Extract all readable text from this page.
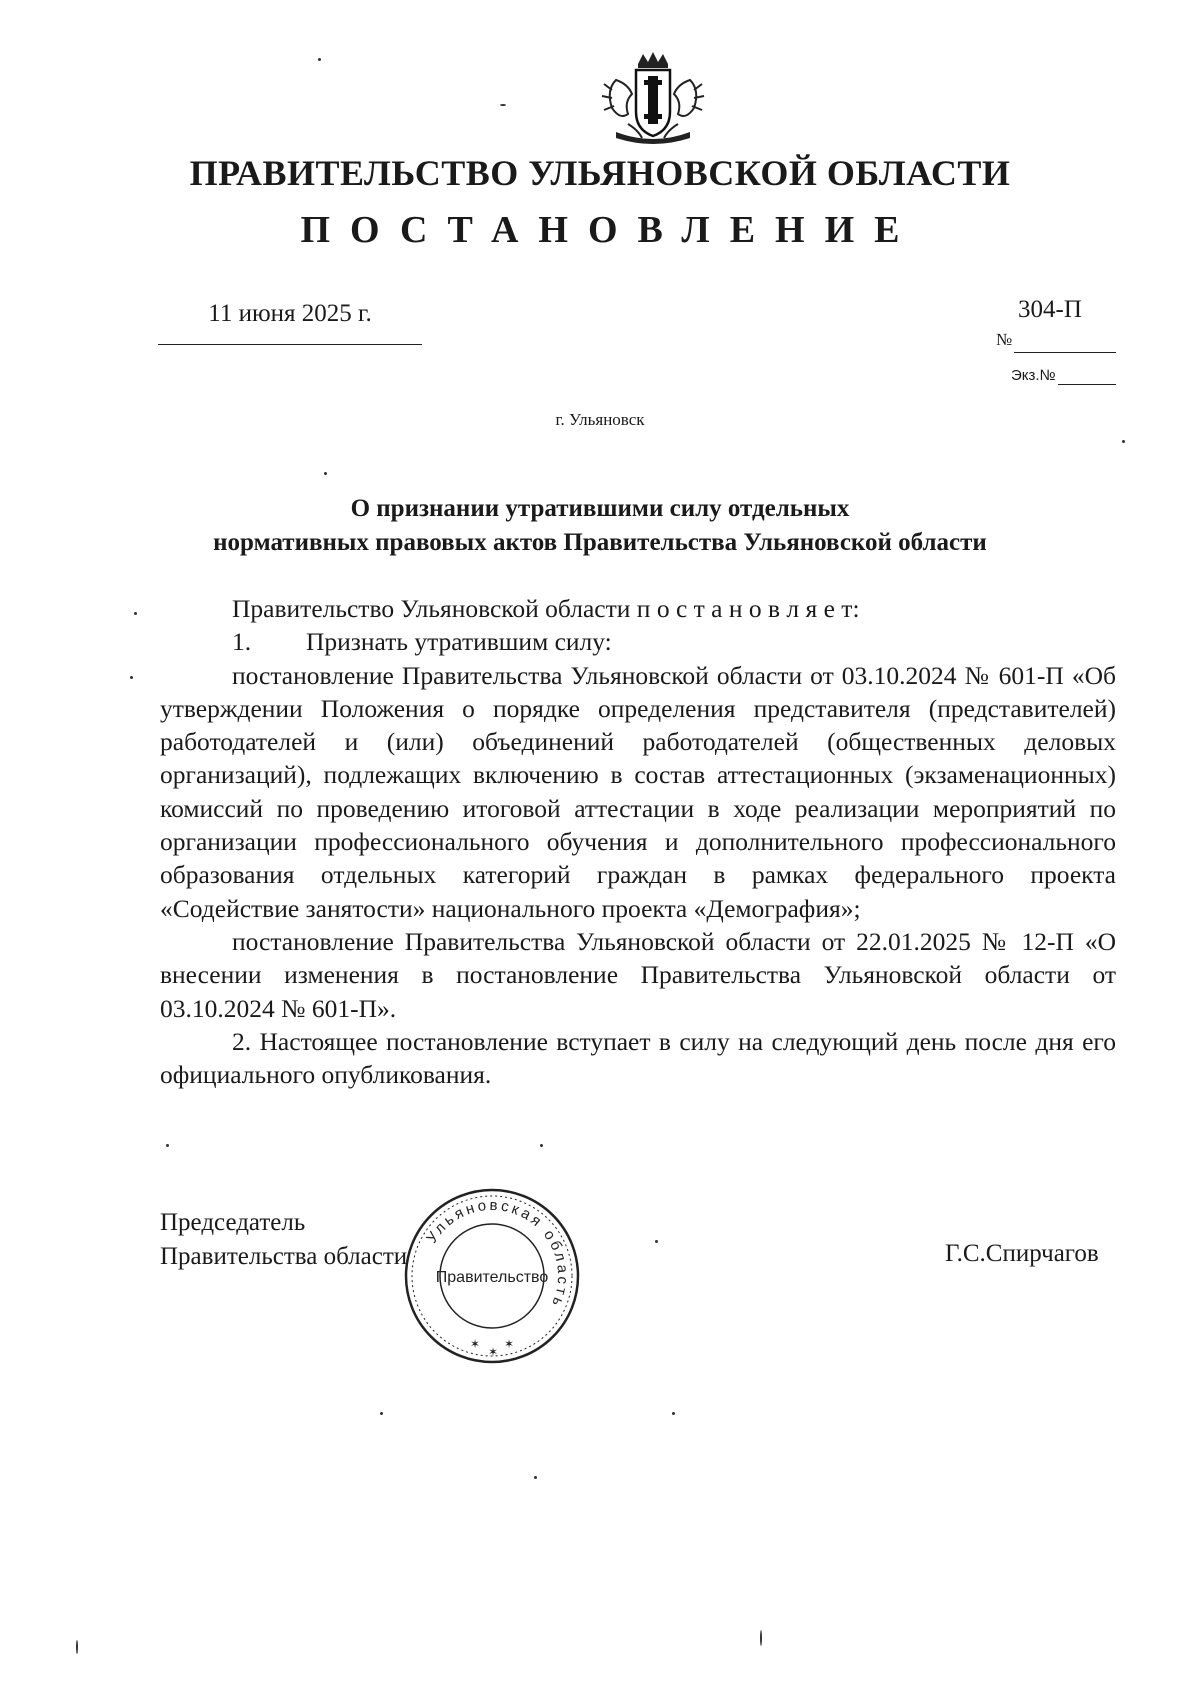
ПРАВИТЕЛЬСТВО УЛЬЯНОВСКОЙ ОБЛАСТИ
ПОСТАНОВЛЕНИЕ
11 июня 2025 г.	304-П
№
Экз.№
г. Ульяновск
О признании утратившими силу отдельных
нормативных правовых актов Правительства Ульяновской области

Правительство Ульяновской области п о с т а н о в л я е т:

1. Признать утратившим силу:

постановление Правительства Ульяновской области от 03.10.2024 № 601-П «Об утверждении Положения о порядке определения представителя (представителей) работодателей и (или) объединений работодателей (общественных деловых организаций), подлежащих включению в состав аттестационных (экзаменационных) комиссий по проведению итоговой аттестации в ходе реализации мероприятий по организации профессионального обучения и дополнительного профессионального образования отдельных категорий граждан в рамках федерального проекта «Содействие занятости» национального проекта «Демография»;

постановление Правительства Ульяновской области от 22.01.2025 № 12-П «О внесении изменения в постановление Правительства Ульяновской области от 03.10.2024 № 601-П».

2. Настоящее постановление вступает в силу на следующий день после дня его официального опубликования.

Председатель
Правительства области	Г.С.Спирчагов
Ульяновская область
Правительство
✶ ✶
✶
